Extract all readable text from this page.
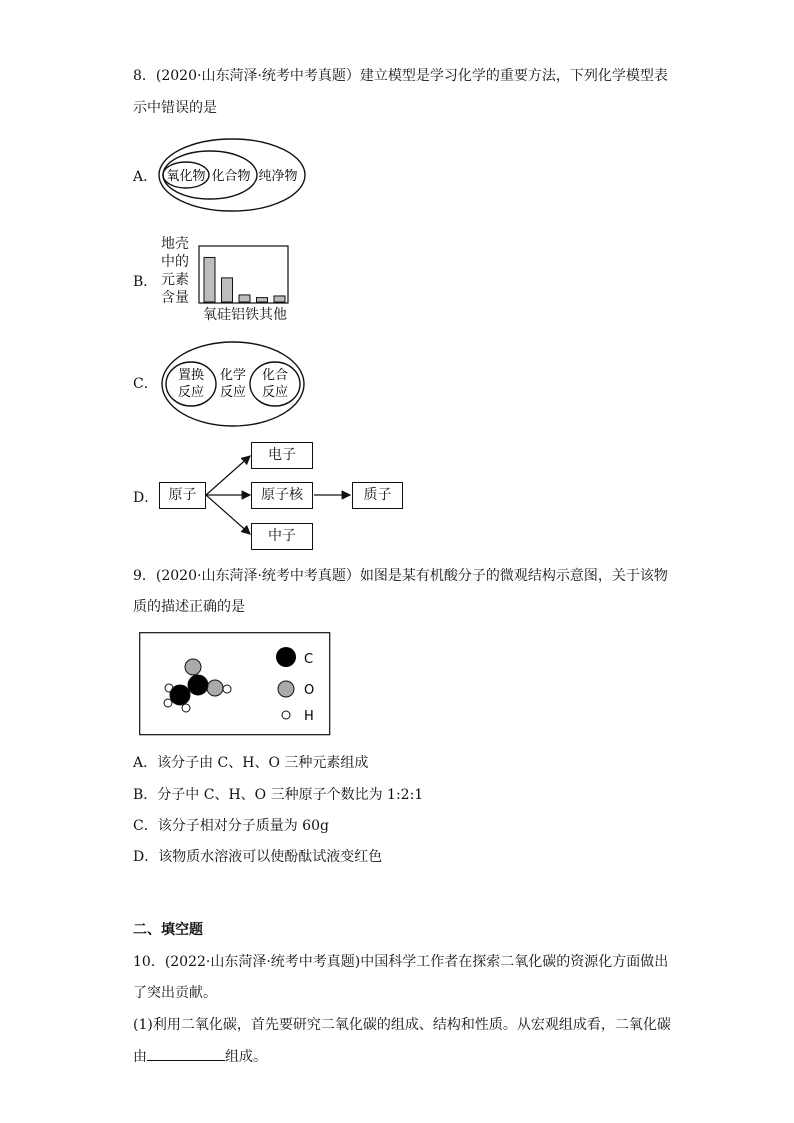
8．(2020·山东菏泽·统考中考真题）建立模型是学习化学的重要方法，下列化学模型表
示中错误的是
A． 氧化物 化合物 纯净物
B．
地壳
中的
元素
含量
氧硅铝铁其他
C．
置换
反应
化学
反应
化合
反应
D． 原子
电子
原子核
中子
质子
9．(2020·山东菏泽·统考中考真题）如图是某有机酸分子的微观结构示意图，关于该物
质的描述正确的是
C
O
H
A．该分子由 C、H、O 三种元素组成
B．分子中 C、H、O 三种原子个数比为 1:2:1
C．该分子相对分子质量为 60g
D．该物质水溶液可以使酚酞试液变红色
二、填空题
10．(2022·山东菏泽·统考中考真题)中国科学工作者在探索二氧化碳的资源化方面做出
了突出贡献。
(1)利用二氧化碳，首先要研究二氧化碳的组成、结构和性质。从宏观组成看，二氧化碳
由	组成。
